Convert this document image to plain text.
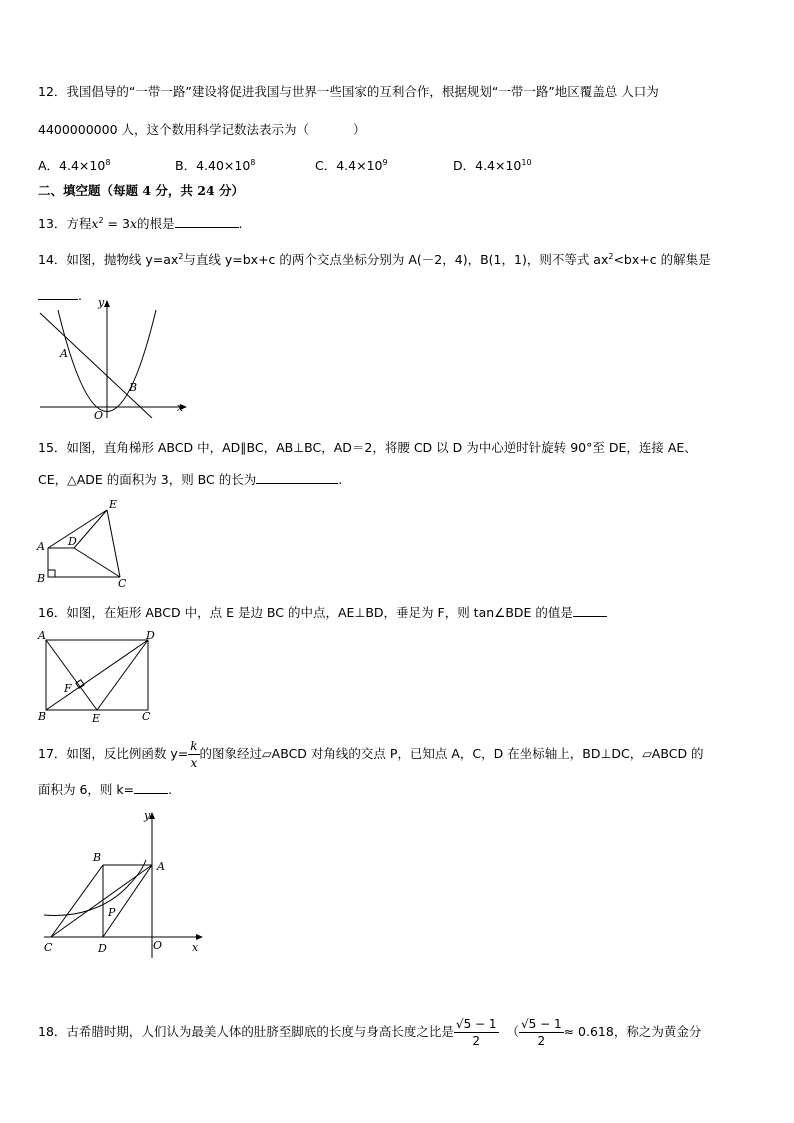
12．我国倡导的“一带一路”建设将促进我国与世界一些国家的互利合作，根据规划“一带一路”地区覆盖总 人口为
4400000000 人，这个数用科学记数法表示为（	）
A．$4.4\times 10^8$	B．$4.40\times 10^8$	C．$4.4\times 10^9$	D．$4.4\times 10^{10}$
二、填空题（每题 4 分，共 24 分）
13．方程$x^2 = 3x$的根是	.
14．如图，抛物线 $y=ax^2$与直线 y=bx+c 的两个交点坐标分别为 A(－2，4)，B(1，1)，则不等式 $ax^2<bx+c$ 的解集是
. y
x
A
B
O
15．如图，直角梯形 ABCD 中，AD∥BC，AB⊥BC，AD＝2，将腰 CD 以 D 为中心逆时针旋转 90°至 DE，连接 AE、
CE，△ADE 的面积为 3，则 BC 的长为	.
A
B	C
D
E
16．如图，在矩形 ABCD 中，点 E 是边 BC 的中点，AE⊥BD，垂足为 F，则 tan∠BDE 的值是
A
B	C
D
E
F
17．如图，反比例函数 $y= \frac{k}{x}$ 的图象经过▱ABCD 对角线的交点 P，已知点 A，C，D 在坐标轴上，BD⊥DC，▱ABCD 的
面积为 6，则 k=	.
y
x
B
A
P
C	D	O
18．古希腊时期，人们认为最美人体的肚脐至脚底的长度与身高长度之比是 $\frac{√5 - 1}{2}$ （ $\frac{√5 - 1}{2} \approx 0.618$，称之为黄金分
